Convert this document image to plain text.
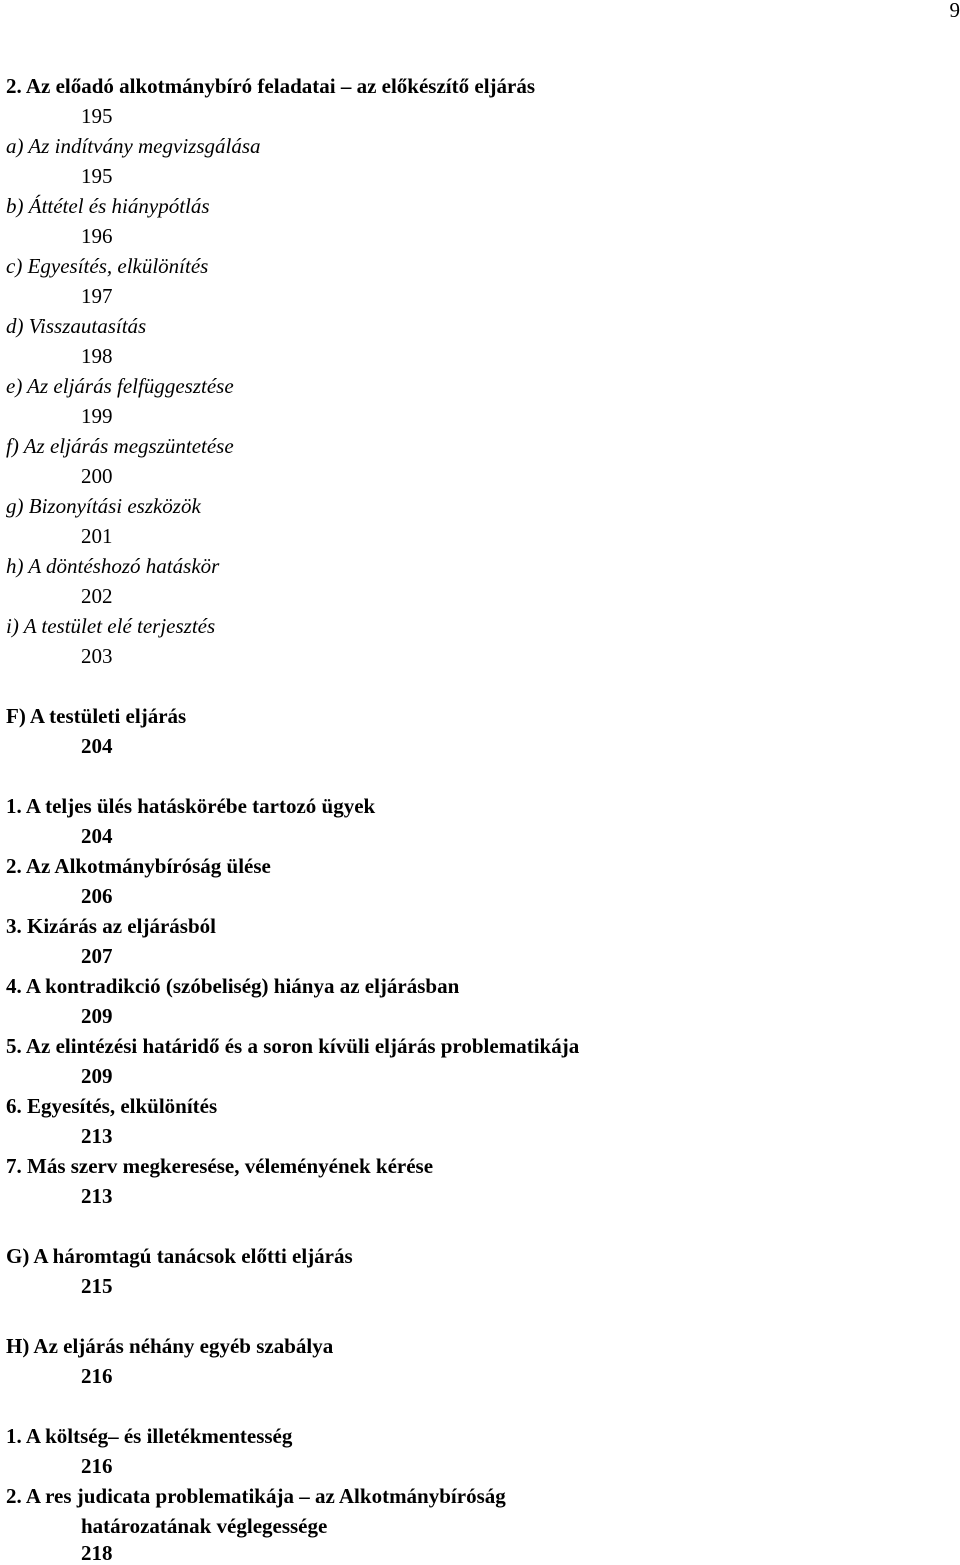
9
2. Az előadó alkotmánybíró feladatai – az előkészítő eljárás
195
a) Az indítvány megvizsgálása
195
b) Áttétel és hiánypótlás
196
c) Egyesítés, elkülönítés
197
d) Visszautasítás
198
e) Az eljárás felfüggesztése
199
f) Az eljárás megszüntetése
200
g) Bizonyítási eszközök
201
h) A döntéshozó hatáskör
202
i) A testület elé terjesztés
203
F) A testületi eljárás
204
1. A teljes ülés hatáskörébe tartozó ügyek
204
2. Az Alkotmánybíróság ülése
206
3. Kizárás az eljárásból
207
4. A kontradikció (szóbeliség) hiánya az eljárásban
209
5. Az elintézési határidő és a soron kívüli eljárás problematikája
209
6. Egyesítés, elkülönítés
213
7. Más szerv megkeresése, véleményének kérése
213
G) A háromtagú tanácsok előtti eljárás
215
H) Az eljárás néhány egyéb szabálya
216
1. A költség– és illetékmentesség
216
2. A res judicata problematikája – az Alkotmánybíróság
határozatának véglegessége
218
